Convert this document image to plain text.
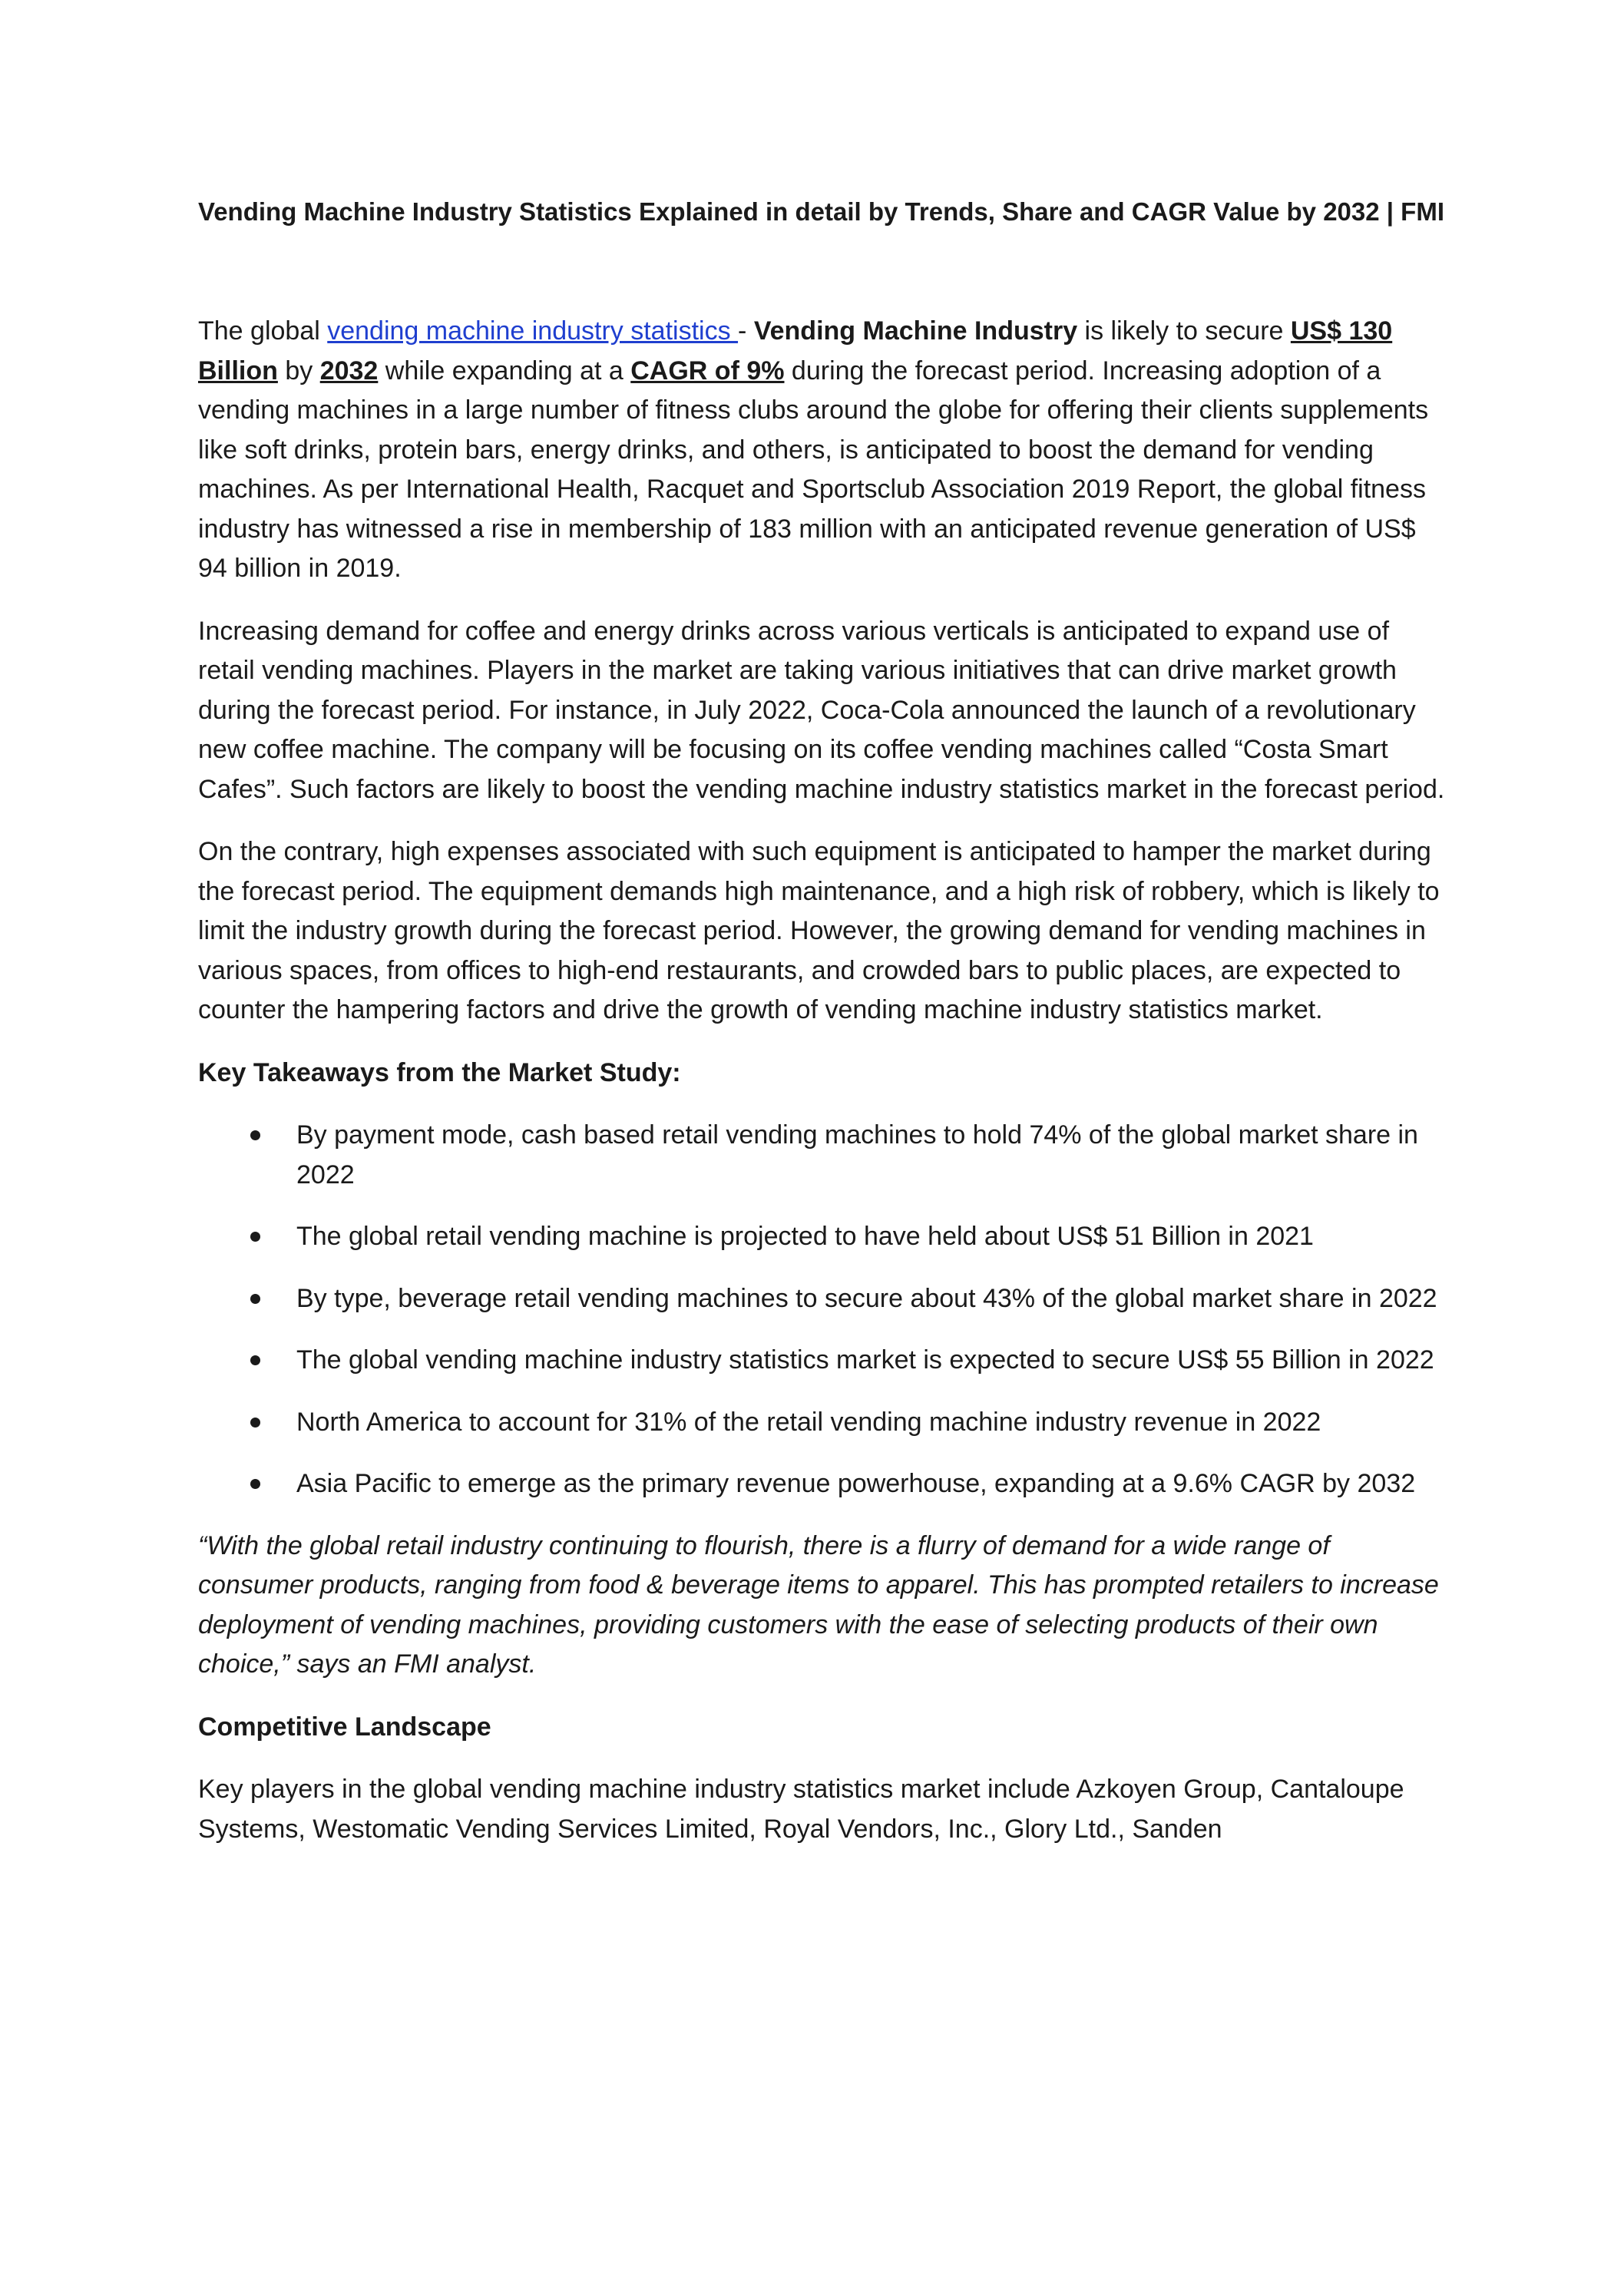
Vending Machine Industry Statistics Explained in detail by Trends, Share and CAGR Value by 2032 | FMI

The global vending machine industry statistics - Vending Machine Industry is likely to secure US$ 130 Billion by 2032 while expanding at a CAGR of 9% during the forecast period. Increasing adoption of a vending machines in a large number of fitness clubs around the globe for offering their clients supplements like soft drinks, protein bars, energy drinks, and others, is anticipated to boost the demand for vending machines. As per International Health, Racquet and Sportsclub Association 2019 Report, the global fitness industry has witnessed a rise in membership of 183 million with an anticipated revenue generation of US$ 94 billion in 2019.

Increasing demand for coffee and energy drinks across various verticals is anticipated to expand use of retail vending machines. Players in the market are taking various initiatives that can drive market growth during the forecast period. For instance, in July 2022, Coca-Cola announced the launch of a revolutionary new coffee machine. The company will be focusing on its coffee vending machines called “Costa Smart Cafes”. Such factors are likely to boost the vending machine industry statistics market in the forecast period.

On the contrary, high expenses associated with such equipment is anticipated to hamper the market during the forecast period. The equipment demands high maintenance, and a high risk of robbery, which is likely to limit the industry growth during the forecast period. However, the growing demand for vending machines in various spaces, from offices to high-end restaurants, and crowded bars to public places, are expected to counter the hampering factors and drive the growth of vending machine industry statistics market.

Key Takeaways from the Market Study:

By payment mode, cash based retail vending machines to hold 74% of the global market share in 2022
The global retail vending machine is projected to have held about US$ 51 Billion in 2021
By type, beverage retail vending machines to secure about 43% of the global market share in 2022
The global vending machine industry statistics market is expected to secure US$ 55 Billion in 2022
North America to account for 31% of the retail vending machine industry revenue in 2022
Asia Pacific to emerge as the primary revenue powerhouse, expanding at a 9.6% CAGR by 2032

“With the global retail industry continuing to flourish, there is a flurry of demand for a wide range of consumer products, ranging from food & beverage items to apparel. This has prompted retailers to increase deployment of vending machines, providing customers with the ease of selecting products of their own choice,” says an FMI analyst.

Competitive Landscape

Key players in the global vending machine industry statistics market include Azkoyen Group, Cantaloupe Systems, Westomatic Vending Services Limited, Royal Vendors, Inc., Glory Ltd., Sanden
